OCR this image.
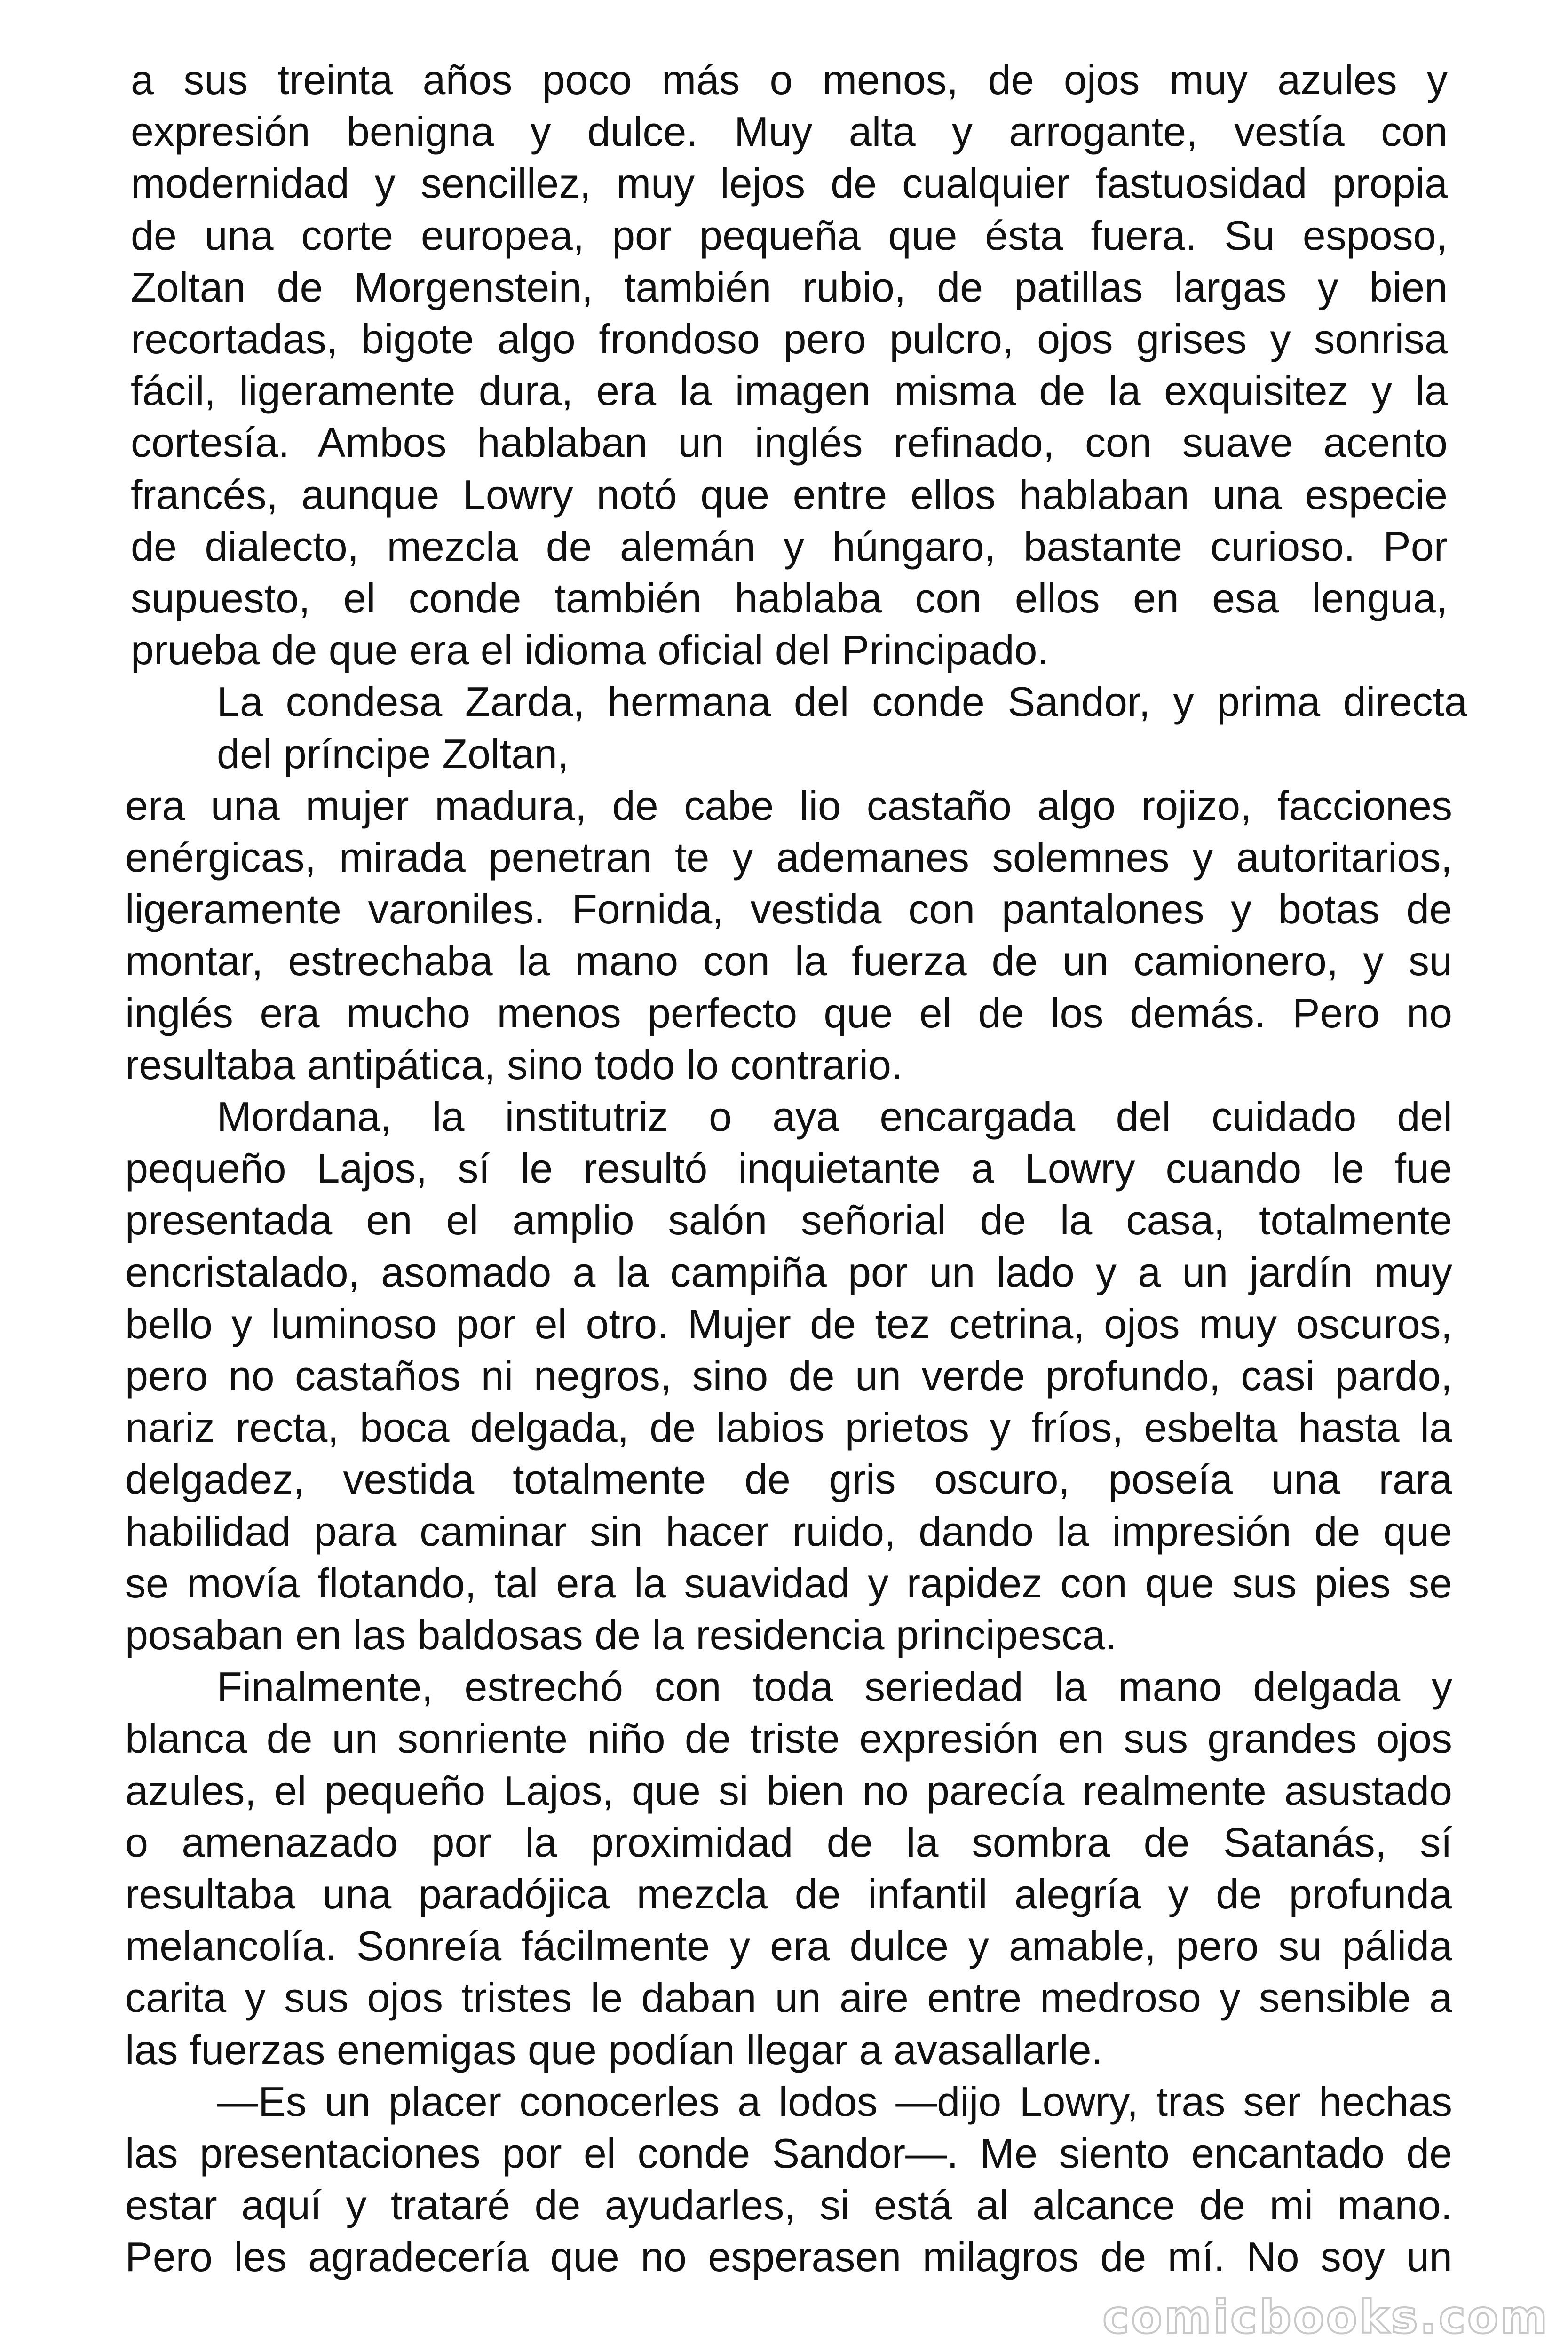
a sus treinta años poco más o menos, de ojos muy azules y

expresión benigna y dulce. Muy alta y arrogante, vestía con

modernidad y sencillez, muy lejos de cualquier fastuosidad propia

de una corte europea, por pequeña que ésta fuera. Su esposo,

Zoltan de Morgenstein, también rubio, de patillas largas y bien

recortadas, bigote algo frondoso pero pulcro, ojos grises y sonrisa

fácil, ligeramente dura, era la imagen misma de la exquisitez y la

cortesía. Ambos hablaban un inglés refinado, con suave acento

francés, aunque Lowry notó que entre ellos hablaban una especie

de dialecto, mezcla de alemán y húngaro, bastante curioso. Por

supuesto, el conde también hablaba con ellos en esa lengua,

prueba de que era el idioma oficial del Principado.

La condesa Zarda, hermana del conde Sandor, y prima directa

del príncipe Zoltan,

era una mujer madura, de cabe lio castaño algo rojizo, facciones

enérgicas, mirada penetran te y ademanes solemnes y autoritarios,

ligeramente varoniles. Fornida, vestida con pantalones y botas de

montar, estrechaba la mano con la fuerza de un camionero, y su

inglés era mucho menos perfecto que el de los demás. Pero no

resultaba antipática, sino todo lo contrario.

Mordana, la institutriz o aya encargada del cuidado del

pequeño Lajos, sí le resultó inquietante a Lowry cuando le fue

presentada en el amplio salón señorial de la casa, totalmente

encristalado, asomado a la campiña por un lado y a un jardín muy

bello y luminoso por el otro. Mujer de tez cetrina, ojos muy oscuros,

pero no castaños ni negros, sino de un verde profundo, casi pardo,

nariz recta, boca delgada, de labios prietos y fríos, esbelta hasta la

delgadez, vestida totalmente de gris oscuro, poseía una rara

habilidad para caminar sin hacer ruido, dando la impresión de que

se movía flotando, tal era la suavidad y rapidez con que sus pies se

posaban en las baldosas de la residencia principesca.

Finalmente, estrechó con toda seriedad la mano delgada y

blanca de un sonriente niño de triste expresión en sus grandes ojos

azules, el pequeño Lajos, que si bien no parecía realmente asustado

o amenazado por la proximidad de la sombra de Satanás, sí

resultaba una paradójica mezcla de infantil alegría y de profunda

melancolía. Sonreía fácilmente y era dulce y amable, pero su pálida

carita y sus ojos tristes le daban un aire entre medroso y sensible a

las fuerzas enemigas que podían llegar a avasallarle.

—Es un placer conocerles a lodos —dijo Lowry, tras ser hechas

las presentaciones por el conde Sandor—. Me siento encantado de

estar aquí y trataré de ayudarles, si está al alcance de mi mano.

Pero les agradecería que no esperasen milagros de mí. No soy un

comicbooks.com
